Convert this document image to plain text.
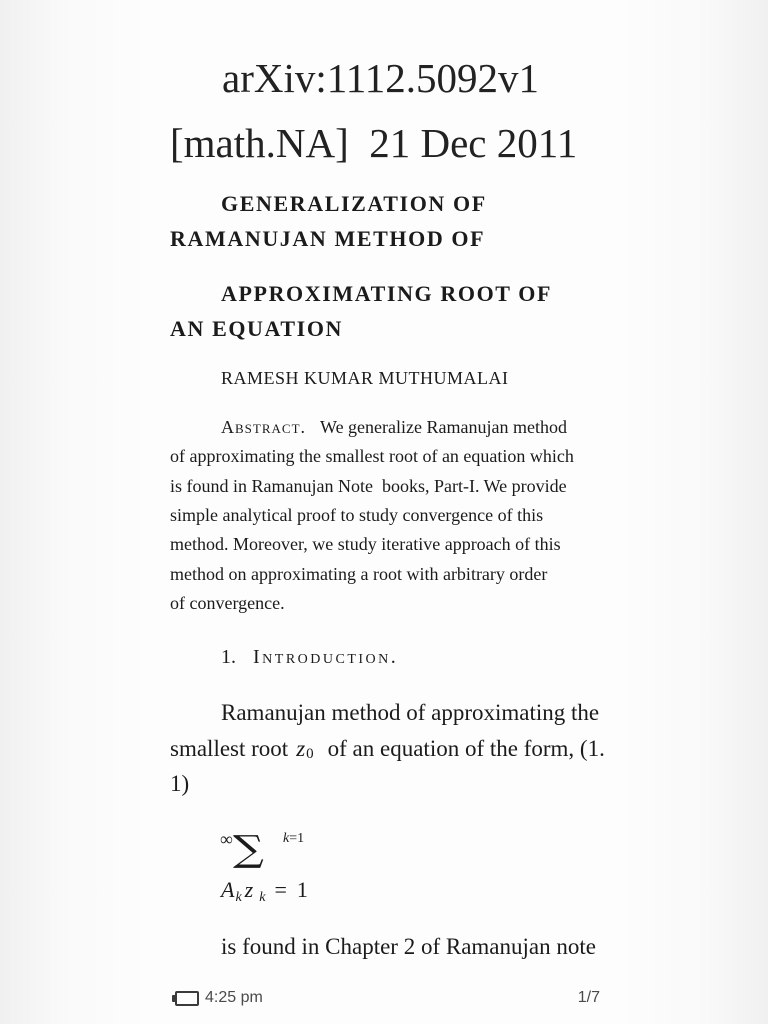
arXiv:1112.5092v1
[math.NA]  21 Dec 2011
GENERALIZATION OF
RAMANUJAN METHOD OF
APPROXIMATING ROOT OF
AN EQUATION
RAMESH KUMAR MUTHUMALAI
Abstract. We generalize Ramanujan method
of approximating the smallest root of an equation which
is found in Ramanujan Note  books, Part-I. We provide
simple analytical proof to study convergence of this
method. Moreover, we study iterative approach of this
method on approximating a root with arbitrary order
of convergence.
1. Introduction.
Ramanujan method of approximating the
smallest root z0 of an equation of the form, (1.
1)
∞ ∑ k=1
Ak z k = 1
is found in Chapter 2 of Ramanujan note
4:25 pm	1/7
